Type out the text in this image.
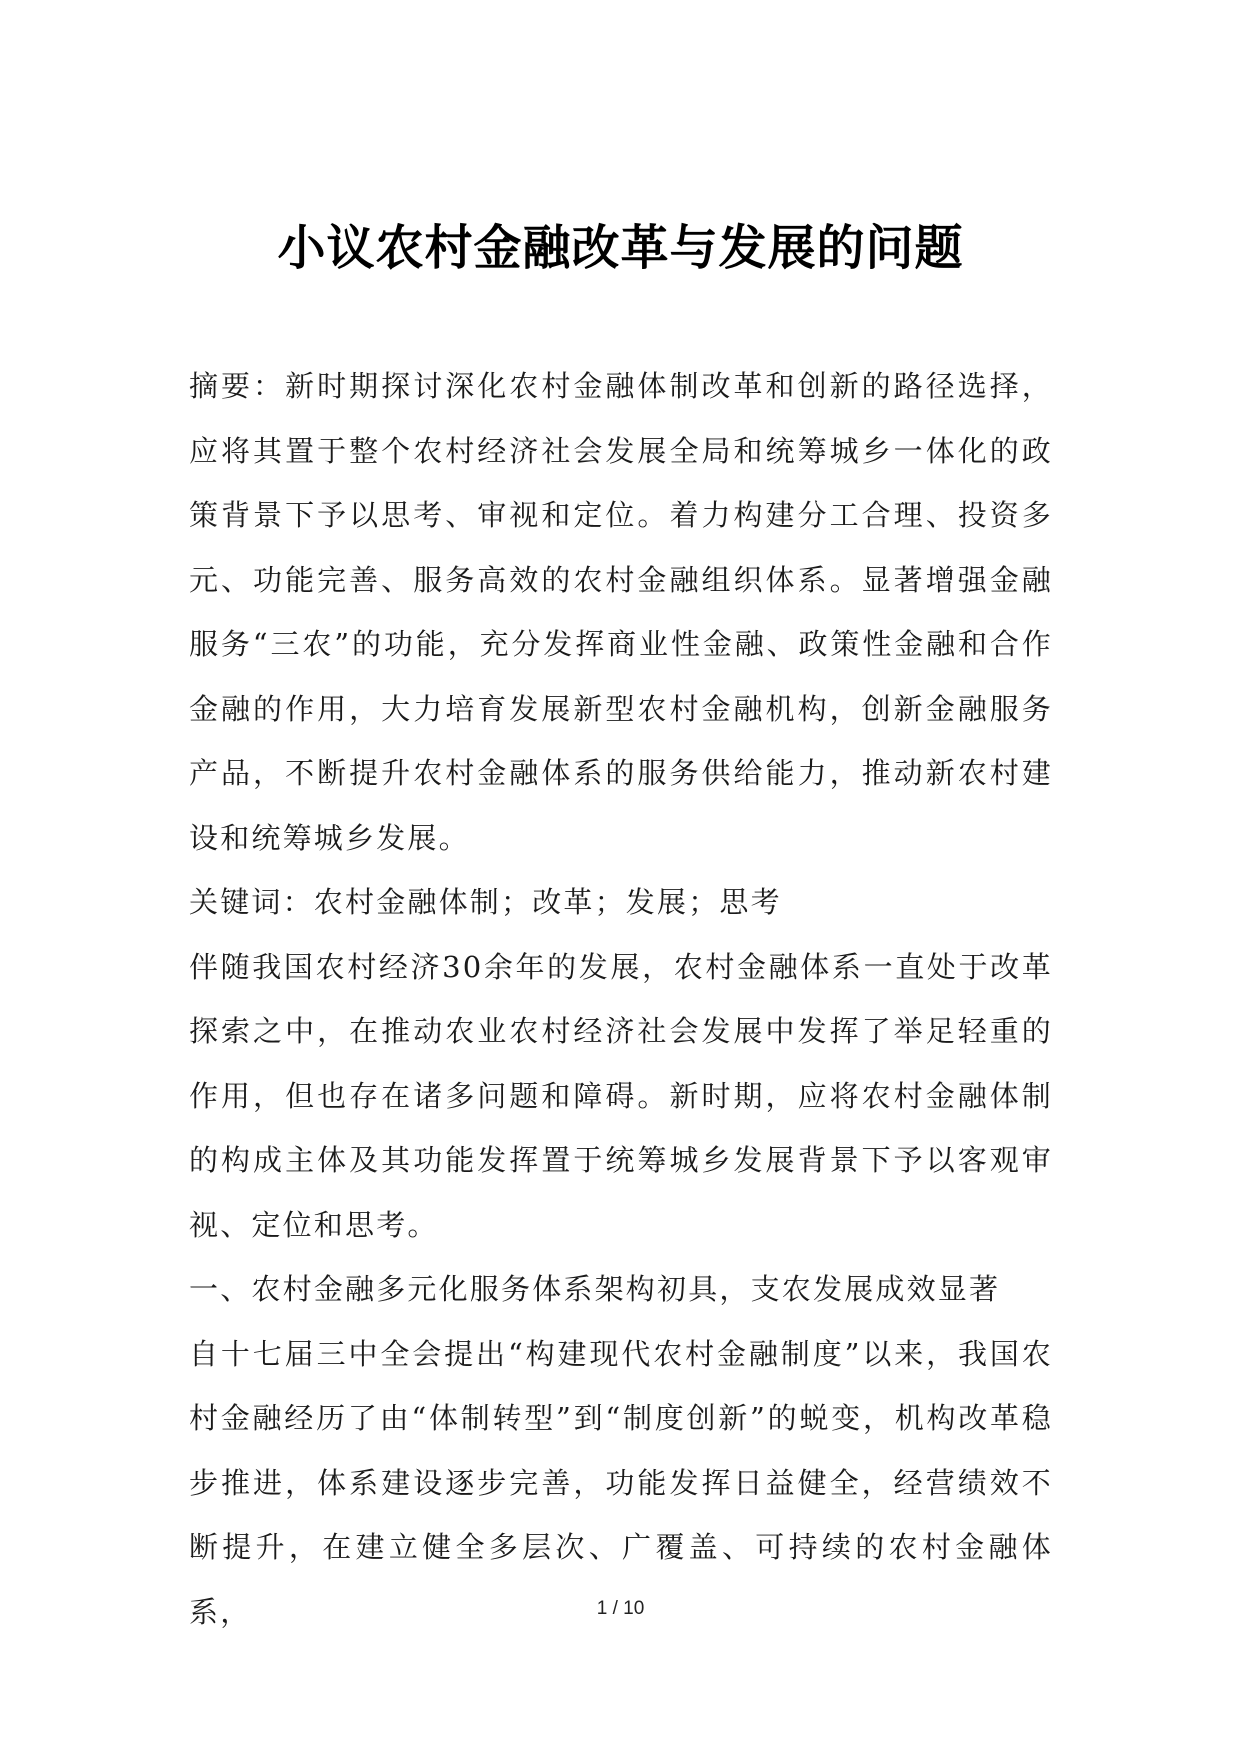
小议农村金融改革与发展的问题

摘要：新时期探讨深化农村金融体制改革和创新的路径选择，应将其置于整个农村经济社会发展全局和统筹城乡一体化的政策背景下予以思考、审视和定位。着力构建分工合理、投资多元、功能完善、服务高效的农村金融组织体系。显著增强金融服务“三农”的功能，充分发挥商业性金融、政策性金融和合作金融的作用，大力培育发展新型农村金融机构，创新金融服务产品，不断提升农村金融体系的服务供给能力，推动新农村建设和统筹城乡发展。

关键词：农村金融体制；改革；发展；思考

伴随我国农村经济30余年的发展，农村金融体系一直处于改革探索之中，在推动农业农村经济社会发展中发挥了举足轻重的作用，但也存在诸多问题和障碍。新时期，应将农村金融体制的构成主体及其功能发挥置于统筹城乡发展背景下予以客观审视、定位和思考。

一、农村金融多元化服务体系架构初具，支农发展成效显著

自十七届三中全会提出“构建现代农村金融制度”以来，我国农村金融经历了由“体制转型”到“制度创新”的蜕变，机构改革稳步推进，体系建设逐步完善，功能发挥日益健全，经营绩效不断提升，在建立健全多层次、广覆盖、可持续的农村金融体系，	1 / 10
